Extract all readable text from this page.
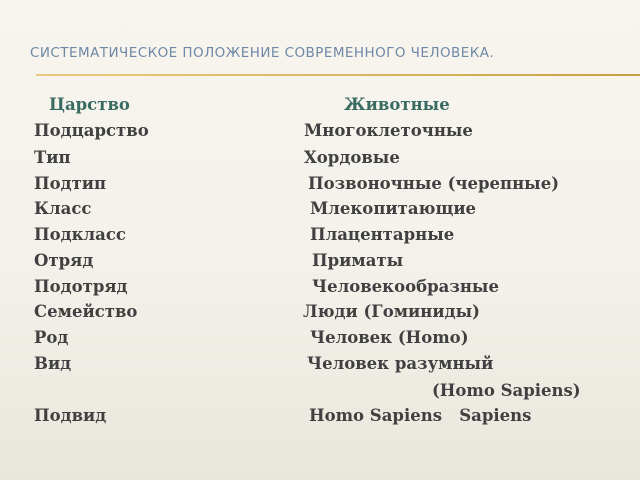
СИСТЕМАТИЧЕСКОЕ ПОЛОЖЕНИЕ СОВРЕМЕННОГО ЧЕЛОВЕКА.
Царство	Животные
Подцарство	Многоклеточные
Тип	Хордовые
Подтип	Позвоночные (черепные)
Класс	Млекопитающие
Подкласс	Плацентарные
Отряд	Приматы
Подотряд	Человекообразные
Семейство	Люди (Гоминиды)
Род	Человек (Homo)
Вид	Человек разумный
(Homo Sapiens)
Подвид	Homo Sapiens   Sapiens
